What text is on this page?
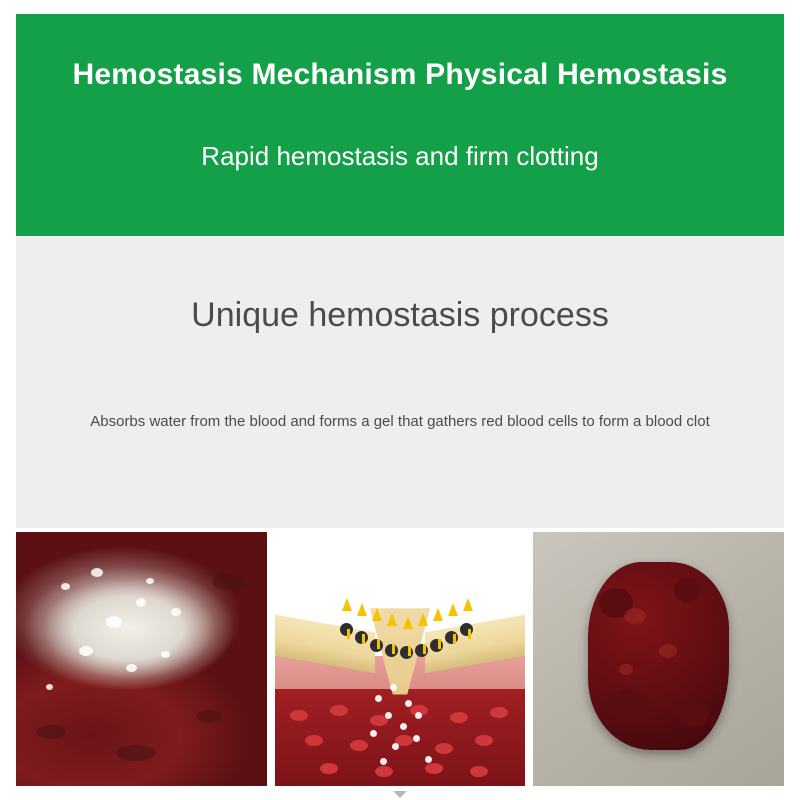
Hemostasis Mechanism Physical Hemostasis
Rapid hemostasis and firm clotting
Unique hemostasis process
Absorbs water from the blood and forms a gel that gathers red blood cells to form a blood clot
